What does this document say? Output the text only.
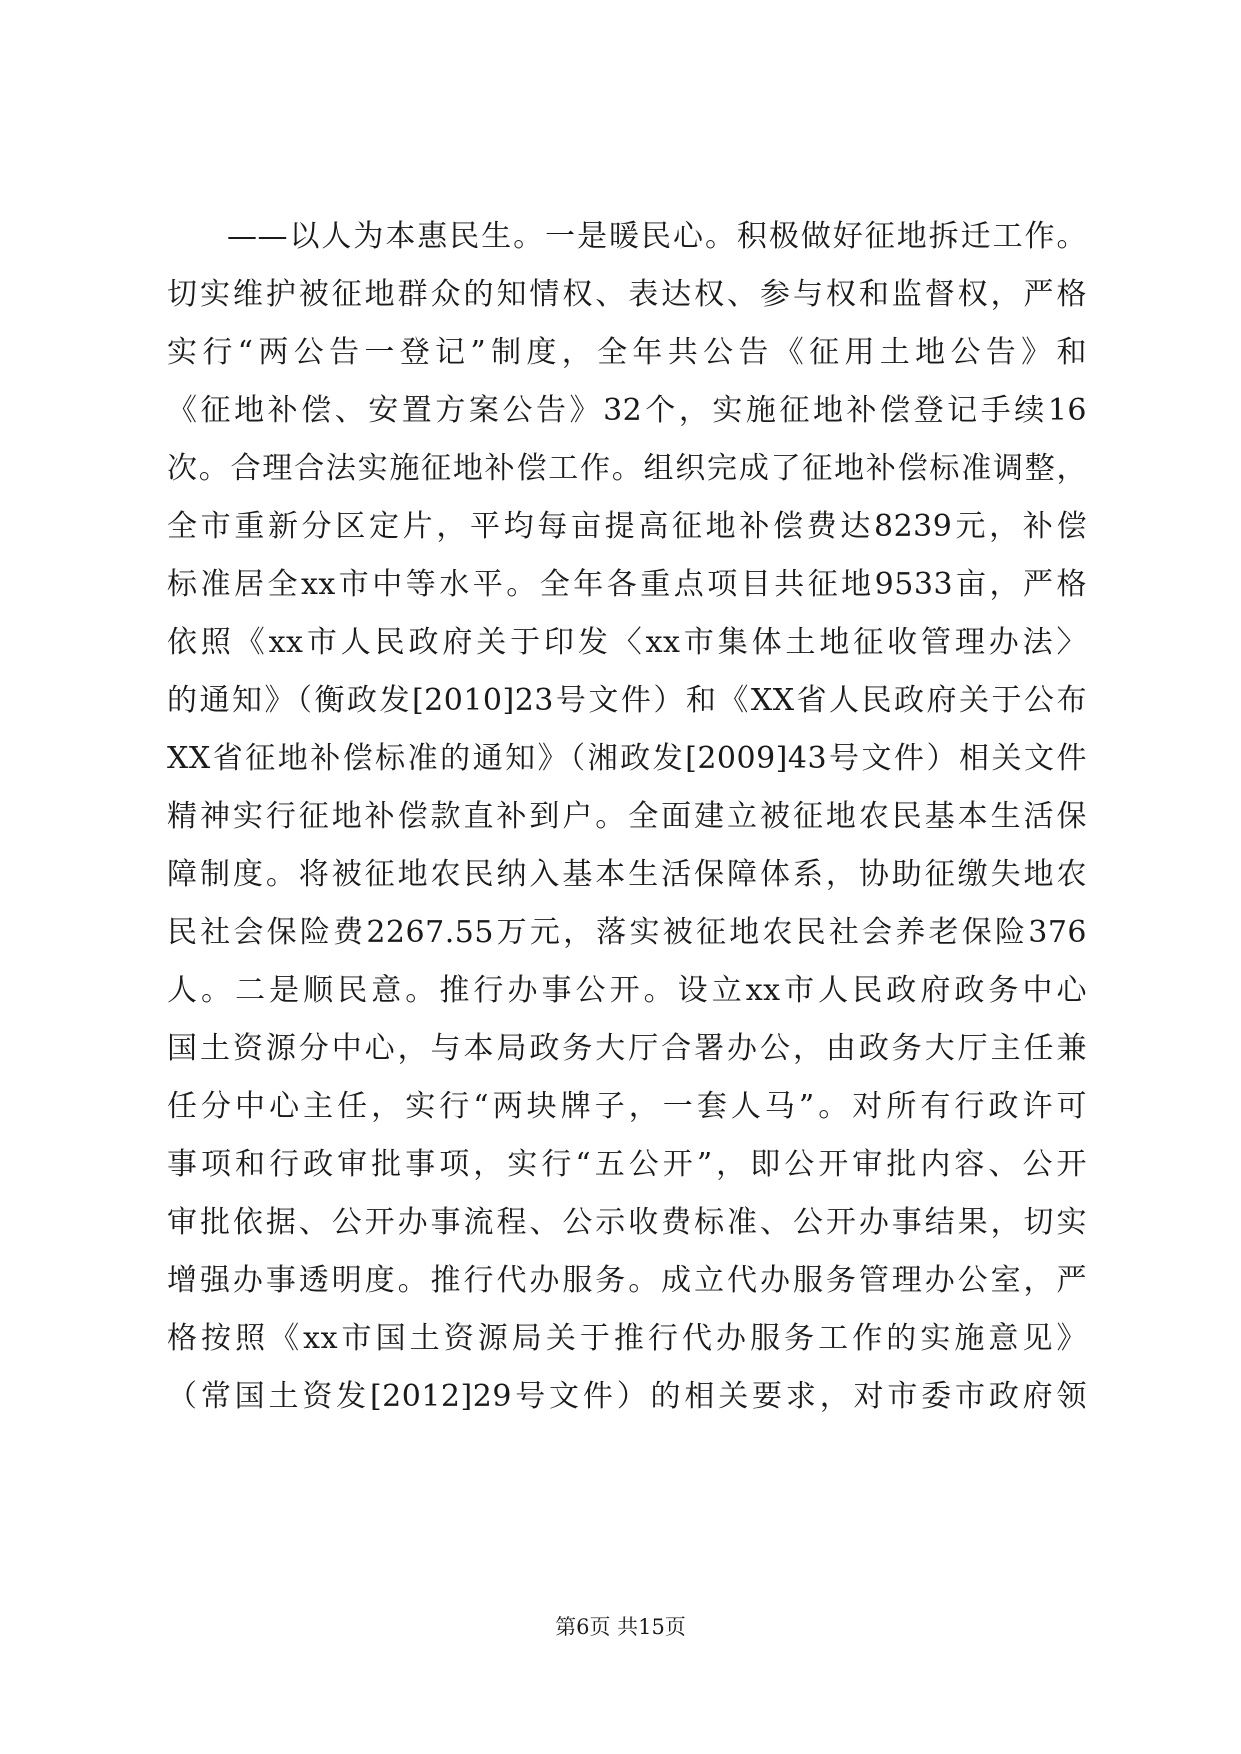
——以人为本惠民生。一是暖民心。积极做好征地拆迁工作。
切实维护被征地群众的知情权、表达权、参与权和监督权，严格
实行“两公告一登记”制度，全年共公告《征用土地公告》和
《征地补偿、安置方案公告》32个，实施征地补偿登记手续16
次。合理合法实施征地补偿工作。组织完成了征地补偿标准调整，
全市重新分区定片，平均每亩提高征地补偿费达8239元，补偿
标准居全xx市中等水平。全年各重点项目共征地9533亩，严格
依照《xx市人民政府关于印发〈xx市集体土地征收管理办法〉
的通知》（衡政发[2010]23号文件）和《XX省人民政府关于公布
XX省征地补偿标准的通知》（湘政发[2009]43号文件）相关文件
精神实行征地补偿款直补到户。全面建立被征地农民基本生活保
障制度。将被征地农民纳入基本生活保障体系，协助征缴失地农
民社会保险费2267.55万元，落实被征地农民社会养老保险376
人。二是顺民意。推行办事公开。设立xx市人民政府政务中心
国土资源分中心，与本局政务大厅合署办公，由政务大厅主任兼
任分中心主任，实行“两块牌子，一套人马”。对所有行政许可
事项和行政审批事项，实行“五公开”，即公开审批内容、公开
审批依据、公开办事流程、公示收费标准、公开办事结果，切实
增强办事透明度。推行代办服务。成立代办服务管理办公室，严
格按照《xx市国土资源局关于推行代办服务工作的实施意见》
（常国土资发[2012]29号文件）的相关要求，对市委市政府领
第6页 共15页
